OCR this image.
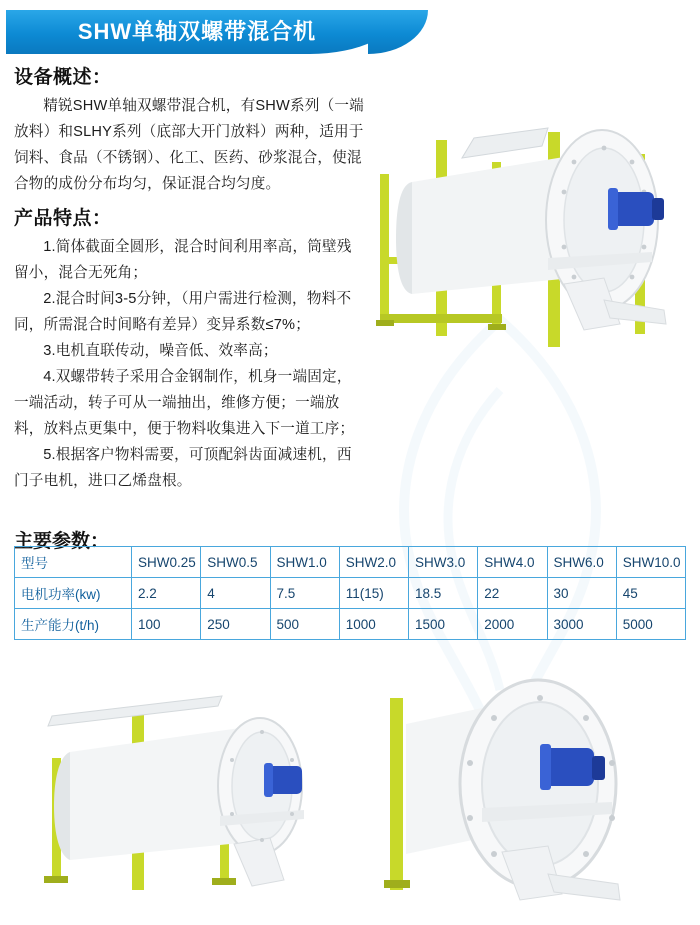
SHW单轴双螺带混合机
设备概述：

精锐SHW单轴双螺带混合机，有SHW系列（一端放料）和SLHY系列（底部大开门放料）两种，适用于饲料、食品（不锈钢）、化工、医药、砂浆混合，使混合物的成份分布均匀，保证混合均匀度。

产品特点：

1.简体截面全圆形，混合时间利用率高，筒壁残留小，混合无死角；

2.混合时间3-5分钟，（用户需进行检测，物料不同，所需混合时间略有差异）变异系数≤7%；

3.电机直联传动，噪音低、效率高；

4.双螺带转子采用合金钢制作，机身一端固定，一端活动，转子可从一端抽出，维修方便；一端放料，放料点更集中，便于物料收集进入下一道工序；

5.根据客户物料需要，可顶配斜齿面减速机，西门子电机，进口乙烯盘根。

主要参数：
型号	SHW0.25	SHW0.5	SHW1.0	SHW2.0	SHW3.0	SHW4.0	SHW6.0	SHW10.0
电机功率(kw)	2.2	4	7.5	11(15)	18.5	22	30	45
生产能力(t/h)	100	250	500	1000	1500	2000	3000	5000
